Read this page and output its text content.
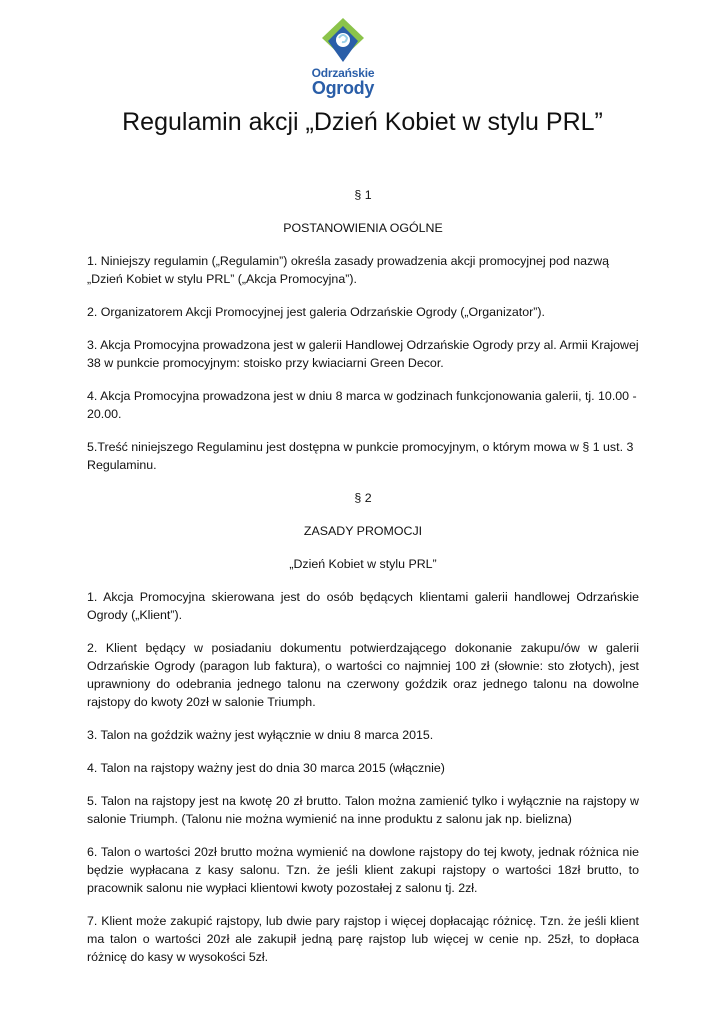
Odrzańskie
Ogrody
Regulamin akcji „Dzień Kobiet w stylu PRL”

§ 1

POSTANOWIENIA OGÓLNE

1. Niniejszy regulamin („Regulamin”) określa zasady prowadzenia akcji promocyjnej pod nazwą „Dzień Kobiet w stylu PRL” („Akcja Promocyjna”).

2. Organizatorem Akcji Promocyjnej jest galeria Odrzańskie Ogrody („Organizator”).

3. Akcja Promocyjna prowadzona jest w galerii Handlowej Odrzańskie Ogrody przy al. Armii Krajowej 38 w punkcie promocyjnym: stoisko przy kwiaciarni Green Decor.

4. Akcja Promocyjna prowadzona jest w dniu 8 marca w godzinach funkcjonowania galerii, tj. 10.00 - 20.00.

5.Treść niniejszego Regulaminu jest dostępna w punkcie promocyjnym, o którym mowa w § 1 ust. 3 Regulaminu.

§ 2

ZASADY PROMOCJI

„Dzień Kobiet w stylu PRL”

1. Akcja Promocyjna skierowana jest do osób będących klientami galerii handlowej Odrzańskie Ogrody („Klient”).

2. Klient będący w posiadaniu dokumentu potwierdzającego dokonanie zakupu/ów w galerii Odrzańskie Ogrody (paragon lub faktura), o wartości co najmniej 100 zł (słownie: sto złotych), jest uprawniony do odebrania jednego talonu na czerwony goździk oraz jednego talonu na dowolne rajstopy do kwoty 20zł w salonie Triumph.

3. Talon na goździk ważny jest wyłącznie w dniu 8 marca 2015.

4. Talon na rajstopy ważny jest do dnia 30 marca 2015 (włącznie)

5. Talon na rajstopy jest na kwotę 20 zł brutto. Talon można zamienić tylko i wyłącznie na rajstopy w salonie Triumph. (Talonu nie można wymienić na inne produktu z salonu jak np. bielizna)

6. Talon o wartości 20zł brutto można wymienić na dowlone rajstopy do tej kwoty, jednak różnica nie będzie wypłacana z kasy salonu. Tzn. że jeśli klient zakupi rajstopy o wartości 18zł brutto, to pracownik salonu nie wypłaci klientowi kwoty pozostałej z salonu tj. 2zł.

7. Klient może zakupić rajstopy, lub dwie pary rajstop i więcej dopłacając różnicę. Tzn. że jeśli klient ma talon o wartości 20zł ale zakupił jedną parę rajstop lub więcej w cenie np. 25zł, to dopłaca różnicę do kasy w wysokości 5zł.
